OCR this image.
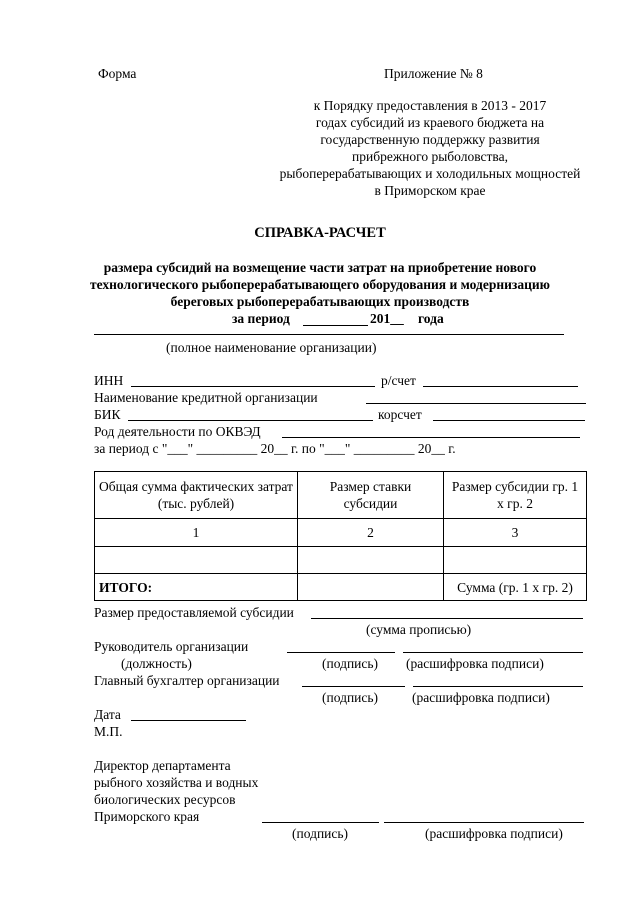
Форма	Приложение № 8
к Порядку предоставления в 2013 - 2017
годах субсидий из краевого бюджета на
государственную поддержку развития
прибрежного рыболовства,
рыбоперерабатывающих и холодильных мощностей
в Приморском крае
СПРАВКА-РАСЧЕТ
размера субсидий на возмещение части затрат на приобретение нового
технологического рыбоперерабатывающего оборудования и модернизацию
береговых рыбоперерабатывающих производств
за период	201__ года
(полное наименование организации)
ИНН	р/счет
Наименование кредитной организации
БИК	корсчет
Род деятельности по ОКВЭД
за период с "___" _________ 20__ г. по "___" _________ 20__ г.
Общая сумма фактических затрат (тыс. рублей)	Размер ставки субсидии	Размер субсидии гр. 1 х гр. 2
1	2	3

ИТОГО:		Сумма (гр. 1 х гр. 2)
Размер предоставляемой субсидии
(сумма прописью)
Руководитель организации
(должность)	(подпись) (расшифровка подписи)
Главный бухгалтер организации
(подпись)	(расшифровка подписи)
Дата
М.П.
Директор департамента
рыбного хозяйства и водных
биологических ресурсов
Приморского края
(подпись)	(расшифровка подписи)
